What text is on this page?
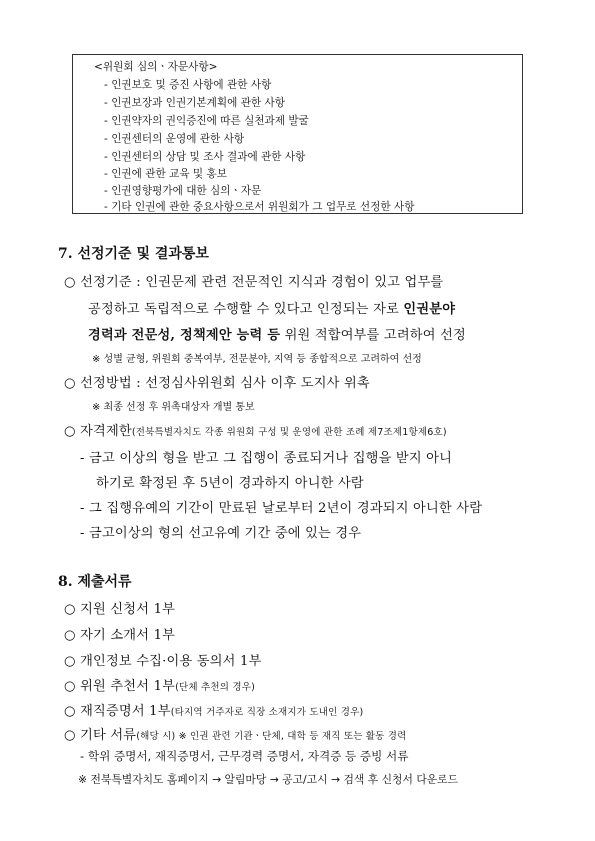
<위원회 심의ㆍ자문사항>
- 인권보호 및 증진 사항에 관한 사항
- 인권보장과 인권기본계획에 관한 사항
- 인권약자의 권익증진에 따른 실천과제 발굴
- 인권센터의 운영에 관한 사항
- 인권센터의 상담 및 조사 결과에 관한 사항
- 인권에 관한 교육 및 홍보
- 인권영향평가에 대한 심의ㆍ자문
- 기타 인권에 관한 중요사항으로서 위원회가 그 업무로 선정한 사항
7. 선정기준 및 결과통보
○ 선정기준 : 인권문제 관련 전문적인 지식과 경험이 있고 업무를
공정하고 독립적으로 수행할 수 있다고 인정되는 자로 인권분야
경력과 전문성, 정책제안 능력 등 위원 적합여부를 고려하여 선정
※ 성별 균형, 위원회 중복여부, 전문분야, 지역 등 종합적으로 고려하여 선정
○ 선정방법 : 선정심사위원회 심사 이후 도지사 위촉
※ 최종 선정 후 위촉대상자 개별 통보
○ 자격제한(전북특별자치도 각종 위원회 구성 및 운영에 관한 조례 제7조제1항제6호)
- 금고 이상의 형을 받고 그 집행이 종료되거나 집행을 받지 아니
하기로 확정된 후 5년이 경과하지 아니한 사람
- 그 집행유예의 기간이 만료된 날로부터 2년이 경과되지 아니한 사람
- 금고이상의 형의 선고유예 기간 중에 있는 경우
8. 제출서류
○ 지원 신청서 1부
○ 자기 소개서 1부
○ 개인정보 수집·이용 동의서 1부
○ 위원 추천서 1부(단체 추천의 경우)
○ 재직증명서 1부(타지역 거주자로 직장 소재지가 도내인 경우)
○ 기타 서류(해당 시) ※ 인권 관련 기관ㆍ단체, 대학 등 재직 또는 활동 경력
- 학위 증명서, 재직증명서, 근무경력 증명서, 자격증 등 증빙 서류
※ 전북특별자치도 홈페이지 → 알림마당 → 공고/고시 → 검색 후 신청서 다운로드
